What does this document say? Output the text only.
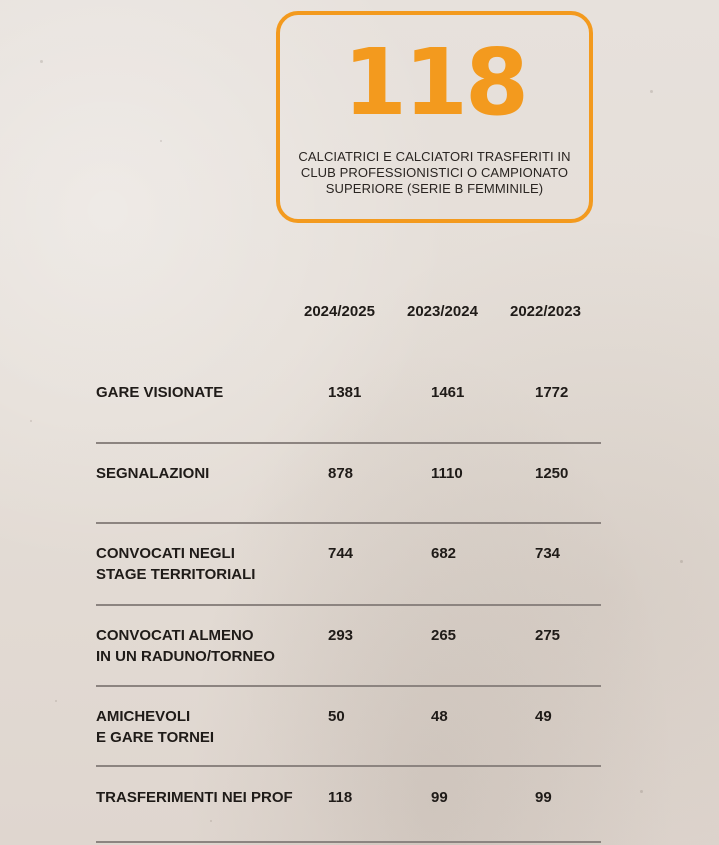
118
CALCIATRICI E CALCIATORI TRASFERITI IN
CLUB PROFESSIONISTICI O CAMPIONATO
SUPERIORE (SERIE B FEMMINILE)
2024/2025 2023/2024 2022/2023
GARE VISIONATE	1381	1461	1772
SEGNALAZIONI	878	1110	1250
CONVOCATI NEGLI
STAGE TERRITORIALI
744	682	734
CONVOCATI ALMENO
IN UN RADUNO/TORNEO
293	265	275
AMICHEVOLI
E GARE TORNEI
50	48	49
TRASFERIMENTI NEI PROF	118	99	99
